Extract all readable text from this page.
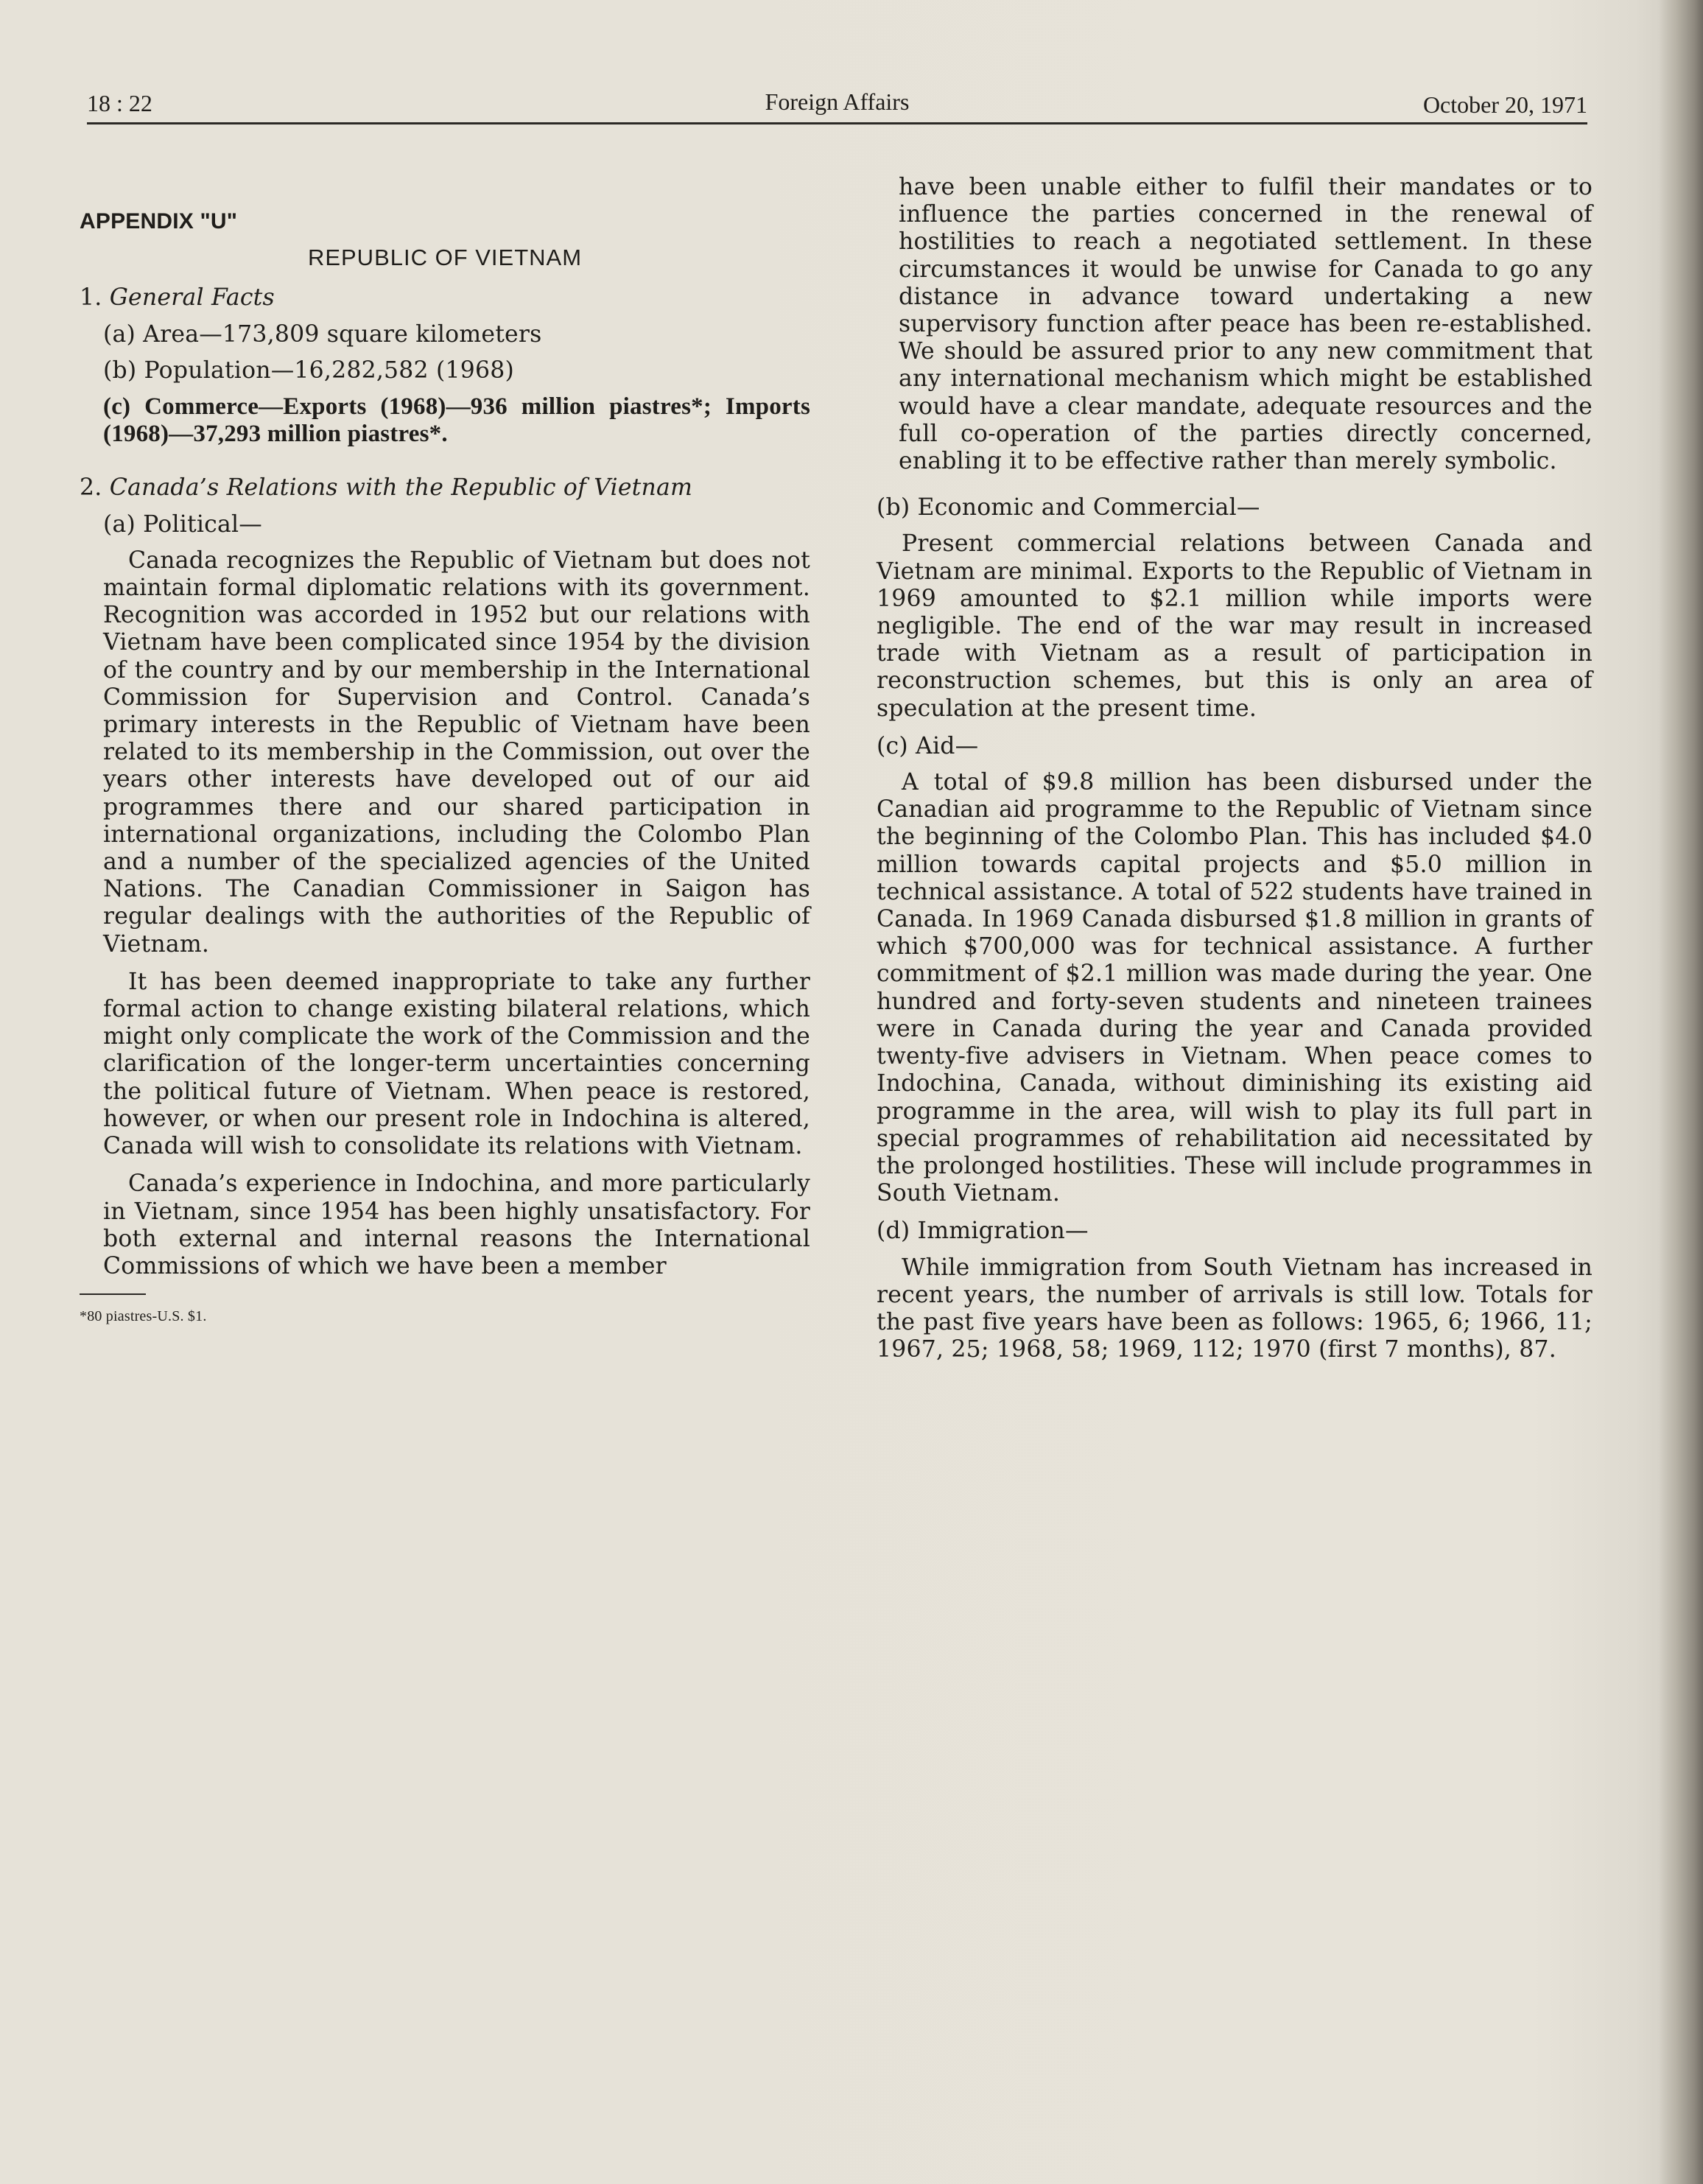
18 : 22	Foreign Affairs	October 20, 1971

APPENDIX "U"

REPUBLIC OF VIETNAM

1. General Facts

(a) Area—173,809 square kilometers

(b) Population—16,282,582 (1968)

(c) Commerce—Exports (1968)—936 million piastres*; Imports (1968)—37,293 million piastres*.

2. Canada’s Relations with the Republic of Vietnam

(a) Political—

Canada recognizes the Republic of Vietnam but does not maintain formal diplomatic relations with its government. Recognition was accorded in 1952 but our relations with Vietnam have been complicated since 1954 by the division of the country and by our membership in the International Commission for Supervision and Control. Canada’s primary interests in the Republic of Vietnam have been related to its membership in the Commission, out over the years other interests have developed out of our aid programmes there and our shared participation in international organizations, including the Colombo Plan and a number of the specialized agencies of the United Nations. The Canadian Commissioner in Saigon has regular dealings with the authorities of the Republic of Vietnam.

It has been deemed inappropriate to take any further formal action to change existing bilateral relations, which might only complicate the work of the Commission and the clarification of the longer-term uncertainties concerning the political future of Vietnam. When peace is restored, however, or when our present role in Indochina is altered, Canada will wish to consolidate its relations with Vietnam.

Canada’s experience in Indochina, and more particularly in Vietnam, since 1954 has been highly unsatisfactory. For both external and internal reasons the International Commissions of which we have been a member

*80 piastres-U.S. $1.

have been unable either to fulfil their mandates or to influence the parties concerned in the renewal of hostilities to reach a negotiated settlement. In these circumstances it would be unwise for Canada to go any distance in advance toward undertaking a new supervisory function after peace has been re-established. We should be assured prior to any new commitment that any international mechanism which might be established would have a clear mandate, adequate resources and the full co-operation of the parties directly concerned, enabling it to be effective rather than merely symbolic.

(b) Economic and Commercial—

Present commercial relations between Canada and Vietnam are minimal. Exports to the Republic of Vietnam in 1969 amounted to $2.1 million while imports were negligible. The end of the war may result in increased trade with Vietnam as a result of participation in reconstruction schemes, but this is only an area of speculation at the present time.

(c) Aid—

A total of $9.8 million has been disbursed under the Canadian aid programme to the Republic of Vietnam since the beginning of the Colombo Plan. This has included $4.0 million towards capital projects and $5.0 million in technical assistance. A total of 522 students have trained in Canada. In 1969 Canada disbursed $1.8 million in grants of which $700,000 was for technical assistance. A further commitment of $2.1 million was made during the year. One hundred and forty-seven students and nineteen trainees were in Canada during the year and Canada provided twenty-five advisers in Vietnam. When peace comes to Indochina, Canada, without diminishing its existing aid programme in the area, will wish to play its full part in special programmes of rehabilitation aid necessitated by the prolonged hostilities. These will include programmes in South Vietnam.

(d) Immigration—

While immigration from South Vietnam has increased in recent years, the number of arrivals is still low. Totals for the past five years have been as follows: 1965, 6; 1966, 11; 1967, 25; 1968, 58; 1969, 112; 1970 (first 7 months), 87.
